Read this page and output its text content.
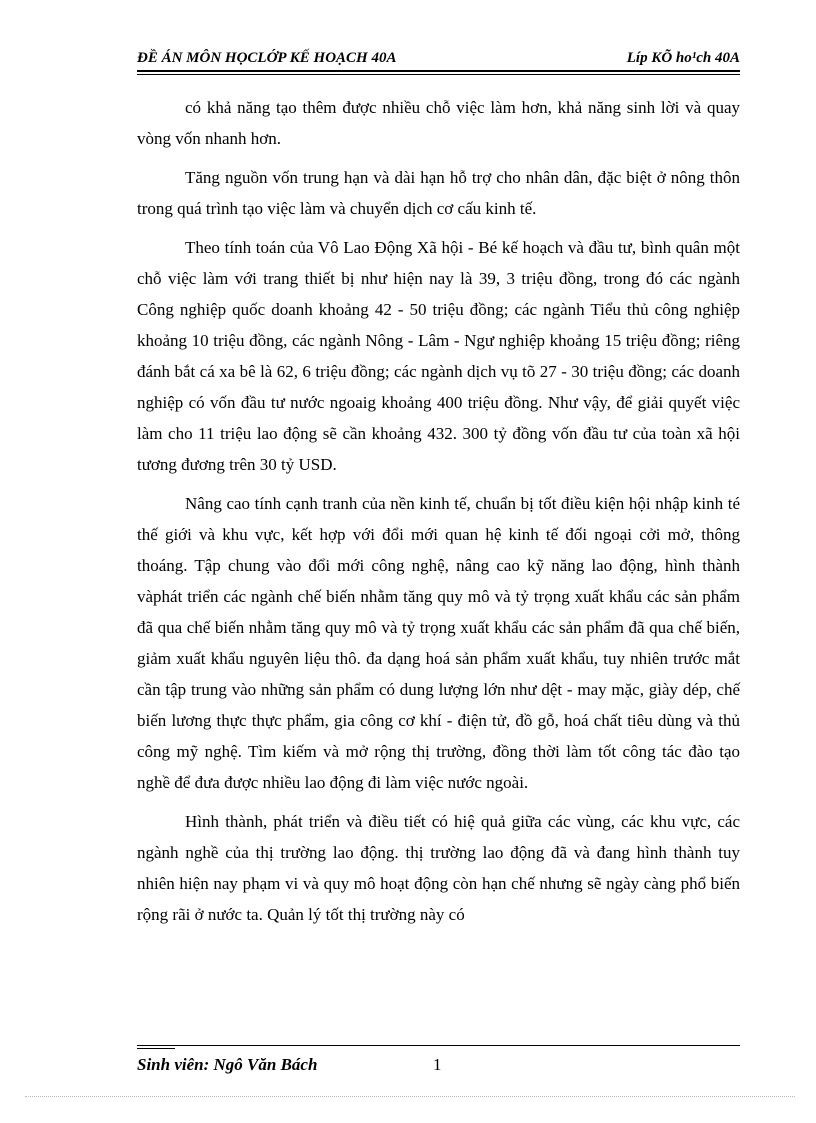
ĐỀ ÁN MÔN HỌCLỚP KẾ HOẠCH 40A	Líp KÕ ho¹ch 40A

có khả năng tạo thêm được nhiều chỗ việc làm hơn, khả năng sinh lời và quay vòng vốn nhanh hơn.

Tăng nguồn vốn trung hạn và dài hạn hỗ trợ cho nhân dân, đặc biệt ở nông thôn trong quá trình tạo việc làm và chuyển dịch cơ cấu kinh tế.

Theo tính toán của Vô Lao Động Xã hội - Bé kế hoạch và đầu tư, bình quân một chỗ việc làm với trang thiết bị như hiện nay là 39, 3 triệu đồng, trong đó các ngành Công nghiệp quốc doanh khoảng 42 - 50 triệu đồng; các ngành Tiểu thủ công nghiệp khoảng 10 triệu đồng, các ngành Nông - Lâm - Ngư nghiệp khoảng 15 triệu đồng; riêng đánh bắt cá xa bê là 62, 6 triệu đồng; các ngành dịch vụ tõ 27 - 30 triệu đồng; các doanh nghiệp có vốn đầu tư nước ngoaig khoảng 400 triệu đồng. Như vậy, để giải quyết việc làm cho 11 triệu lao động sẽ cần khoảng 432. 300 tỷ đồng vốn đầu tư của toàn xã hội tương đương trên 30 tỷ USD.

Nâng cao tính cạnh tranh của nền kinh tế, chuẩn bị tốt điều kiện hội nhập kinh té thế giới và khu vực, kết hợp với đổi mới quan hệ kinh tế đối ngoại cởi mở, thông thoáng. Tập chung vào đổi mới công nghệ, nâng cao kỹ năng lao động, hình thành vàphát triển các ngành chế biến nhằm tăng quy mô và tỷ trọng xuất khẩu các sản phẩm đã qua chế biến nhằm tăng quy mô và tỷ trọng xuất khẩu các sản phẩm đã qua chế biến, giảm xuất khẩu nguyên liệu thô. đa dạng hoá sản phẩm xuất khẩu, tuy nhiên trước mắt cần tập trung vào những sản phẩm có dung lượng lớn như dệt - may mặc, giày dép, chế biến lương thực thực phẩm, gia công cơ khí - điện tử, đồ gỗ, hoá chất tiêu dùng và thủ công mỹ nghệ. Tìm kiếm và mở rộng thị trường, đồng thời làm tốt công tác đào tạo nghề để đưa được nhiều lao động đi làm việc nước ngoài.

Hình thành, phát triển và điều tiết có hiệ quả giữa các vùng, các khu vực, các ngành nghề của thị trường lao động. thị trường lao động đã và đang hình thành tuy nhiên hiện nay phạm vi và quy mô hoạt động còn hạn chế nhưng sẽ ngày càng phổ biến rộng rãi ở nước ta. Quản lý tốt thị trường này có

Sinh viên: Ngô Văn Bách	1
